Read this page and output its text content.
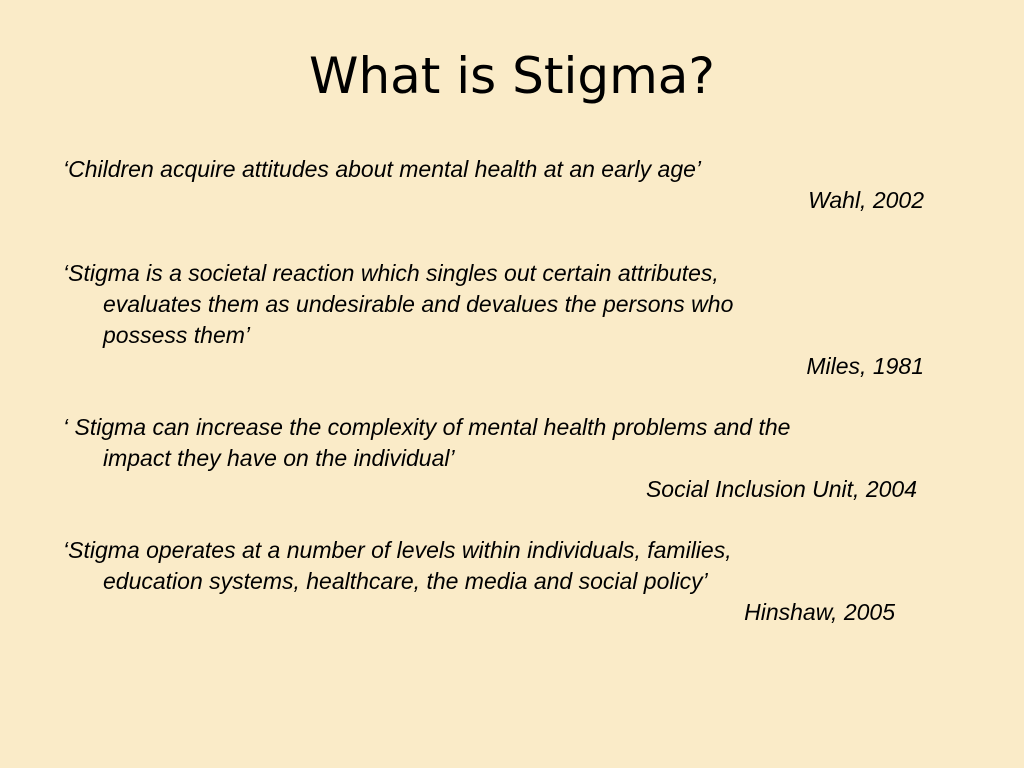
What is Stigma?

‘Children acquire attitudes about mental health at an early age’

Wahl, 2002

‘Stigma is a societal reaction which singles out certain attributes,
evaluates them as undesirable and devalues the persons who
possess them’

Miles, 1981

‘ Stigma can increase the complexity of mental health problems and the
impact they have on the individual’

Social Inclusion Unit, 2004

‘Stigma operates at a number of levels within individuals, families,
education systems, healthcare, the media and social policy’

Hinshaw, 2005
